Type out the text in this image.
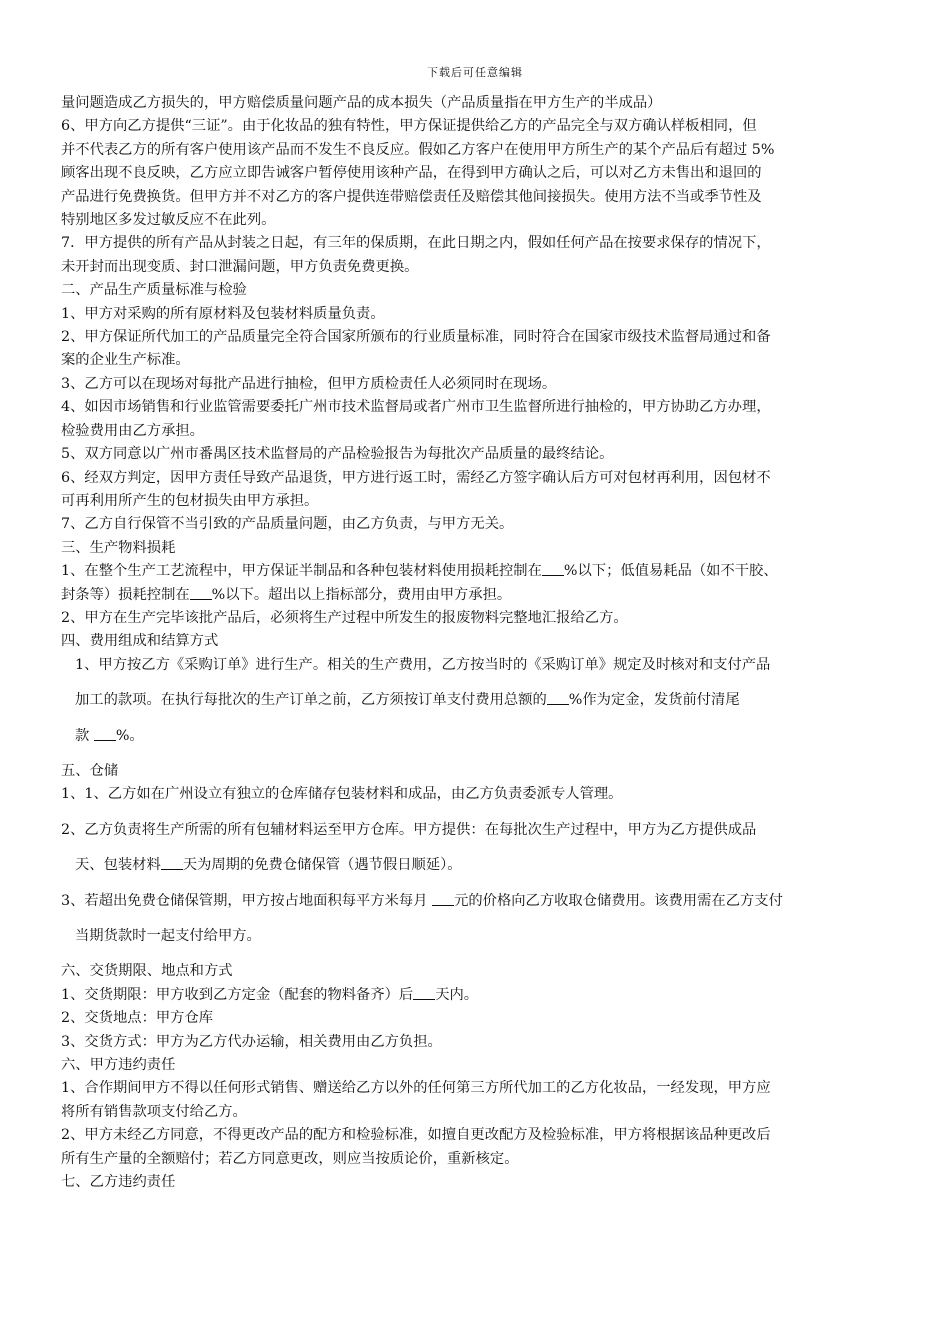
下载后可任意编辑
量问题造成乙方损失的，甲方赔偿质量问题产品的成本损失（产品质量指在甲方生产的半成品）
6、甲方向乙方提供“三证”。由于化妆品的独有特性，甲方保证提供给乙方的产品完全与双方确认样板相同，但
并不代表乙方的所有客户使用该产品而不发生不良反应。假如乙方客户在使用甲方所生产的某个产品后有超过 5%
顾客出现不良反映，乙方应立即告诫客户暂停使用该种产品，在得到甲方确认之后，可以对乙方未售出和退回的
产品进行免费换货。但甲方并不对乙方的客户提供连带赔偿责任及赔偿其他间接损失。使用方法不当或季节性及
特别地区多发过敏反应不在此列。
7．甲方提供的所有产品从封装之日起，有三年的保质期，在此日期之内，假如任何产品在按要求保存的情况下，
未开封而出现变质、封口泄漏问题，甲方负责免费更换。
二、产品生产质量标准与检验
1、甲方对采购的所有原材料及包装材料质量负责。
2、甲方保证所代加工的产品质量完全符合国家所颁布的行业质量标准，同时符合在国家市级技术监督局通过和备
案的企业生产标准。
3、乙方可以在现场对每批产品进行抽检，但甲方质检责任人必须同时在现场。
4、如因市场销售和行业监管需要委托广州市技术监督局或者广州市卫生监督所进行抽检的，甲方协助乙方办理，
检验费用由乙方承担。
5、双方同意以广州市番禺区技术监督局的产品检验报告为每批次产品质量的最终结论。
6、经双方判定，因甲方责任导致产品退货，甲方进行返工时，需经乙方签字确认后方可对包材再利用，因包材不
可再利用所产生的包材损失由甲方承担。
7、乙方自行保管不当引致的产品质量问题，由乙方负责，与甲方无关。
三、生产物料损耗
1、在整个生产工艺流程中，甲方保证半制品和各种包装材料使用损耗控制在 %以下；低值易耗品（如不干胶、
封条等）损耗控制在 %以下。超出以上指标部分，费用由甲方承担。
2、甲方在生产完毕该批产品后，必须将生产过程中所发生的报废物料完整地汇报给乙方。
四、费用组成和结算方式
1、甲方按乙方《采购订单》进行生产。相关的生产费用，乙方按当时的《采购订单》规定及时核对和支付产品
加工的款项。在执行每批次的生产订单之前，乙方须按订单支付费用总额的 %作为定金，发货前付清尾
款 %。
五、仓储
1、1、乙方如在广州设立有独立的仓库储存包装材料和成品，由乙方负责委派专人管理。
2、乙方负责将生产所需的所有包辅材料运至甲方仓库。甲方提供：在每批次生产过程中，甲方为乙方提供成品
天、包装材料 天为周期的免费仓储保管（遇节假日顺延）。
3、若超出免费仓储保管期，甲方按占地面积每平方米每月 元的价格向乙方收取仓储费用。该费用需在乙方支付
当期货款时一起支付给甲方。
六、交货期限、地点和方式
1、交货期限：甲方收到乙方定金（配套的物料备齐）后 天内。
2、交货地点：甲方仓库
3、交货方式：甲方为乙方代办运输，相关费用由乙方负担。
六、甲方违约责任
1、合作期间甲方不得以任何形式销售、赠送给乙方以外的任何第三方所代加工的乙方化妆品，一经发现，甲方应
将所有销售款项支付给乙方。
2、甲方未经乙方同意，不得更改产品的配方和检验标准，如擅自更改配方及检验标准，甲方将根据该品种更改后
所有生产量的全额赔付；若乙方同意更改，则应当按质论价，重新核定。
七、乙方违约责任
